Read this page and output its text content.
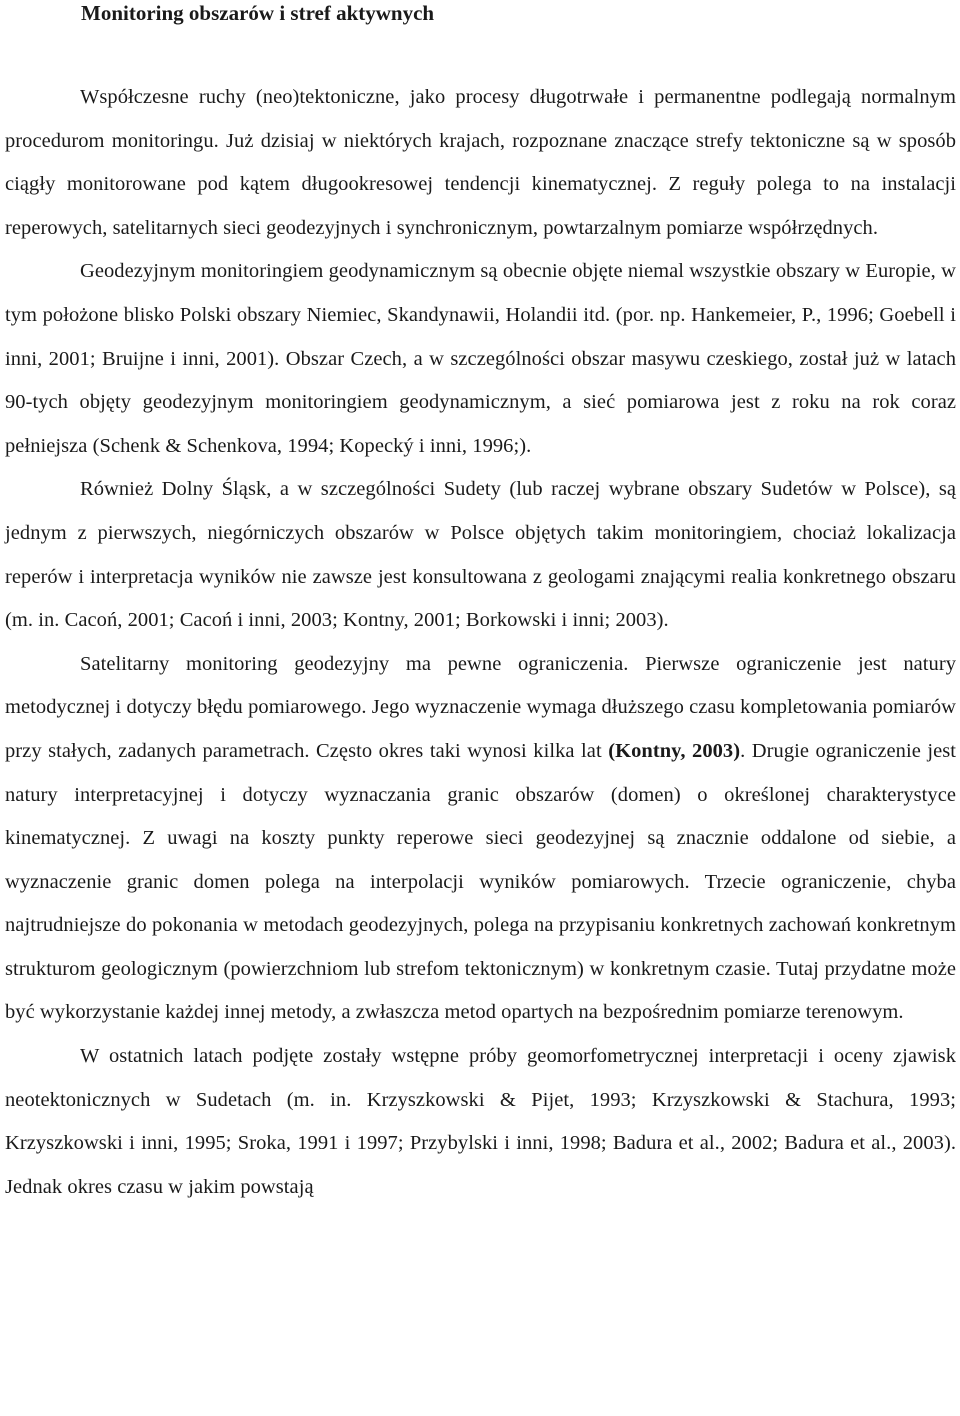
Monitoring obszarów i stref aktywnych

Współczesne ruchy (neo)tektoniczne, jako procesy długotrwałe i permanentne podlegają normalnym procedurom monitoringu. Już dzisiaj w niektórych krajach, rozpoznane znaczące strefy tektoniczne są w sposób ciągły monitorowane pod kątem długookresowej tendencji kinematycznej. Z reguły polega to na instalacji reperowych, satelitarnych sieci geodezyjnych i synchronicznym, powtarzalnym pomiarze współrzędnych.

Geodezyjnym monitoringiem geodynamicznym są obecnie objęte niemal wszystkie obszary w Europie, w tym położone blisko Polski obszary Niemiec, Skandynawii, Holandii itd. (por. np. Hankemeier, P., 1996; Goebell i inni, 2001; Bruijne i inni, 2001). Obszar Czech, a w szczególności obszar masywu czeskiego, został już w latach 90-tych objęty geodezyjnym monitoringiem geodynamicznym, a sieć pomiarowa jest z roku na rok coraz pełniejsza (Schenk & Schenkova, 1994; Kopecký i inni, 1996;).

Również Dolny Śląsk, a w szczególności Sudety (lub raczej wybrane obszary Sudetów w Polsce), są jednym z pierwszych, niegórniczych obszarów w Polsce objętych takim monitoringiem, chociaż lokalizacja reperów i interpretacja wyników nie zawsze jest konsultowana z geologami znającymi realia konkretnego obszaru (m. in. Cacoń, 2001; Cacoń i inni, 2003; Kontny, 2001; Borkowski i inni; 2003).

Satelitarny monitoring geodezyjny ma pewne ograniczenia. Pierwsze ograniczenie jest natury metodycznej i dotyczy błędu pomiarowego. Jego wyznaczenie wymaga dłuższego czasu kompletowania pomiarów przy stałych, zadanych parametrach. Często okres taki wynosi kilka lat (Kontny, 2003). Drugie ograniczenie jest natury interpretacyjnej i dotyczy wyznaczania granic obszarów (domen) o określonej charakterystyce kinematycznej. Z uwagi na koszty punkty reperowe sieci geodezyjnej są znacznie oddalone od siebie, a wyznaczenie granic domen polega na interpolacji wyników pomiarowych. Trzecie ograniczenie, chyba najtrudniejsze do pokonania w metodach geodezyjnych, polega na przypisaniu konkretnych zachowań konkretnym strukturom geologicznym (powierzchniom lub strefom tektonicznym) w konkretnym czasie. Tutaj przydatne może być wykorzystanie każdej innej metody, a zwłaszcza metod opartych na bezpośrednim pomiarze terenowym.

W ostatnich latach podjęte zostały wstępne próby geomorfometrycznej interpretacji i oceny zjawisk neotektonicznych w Sudetach (m. in. Krzyszkowski & Pijet, 1993; Krzyszkowski & Stachura, 1993; Krzyszkowski i inni, 1995; Sroka, 1991 i 1997; Przybylski i inni, 1998; Badura et al., 2002; Badura et al., 2003). Jednak okres czasu w jakim powstają
